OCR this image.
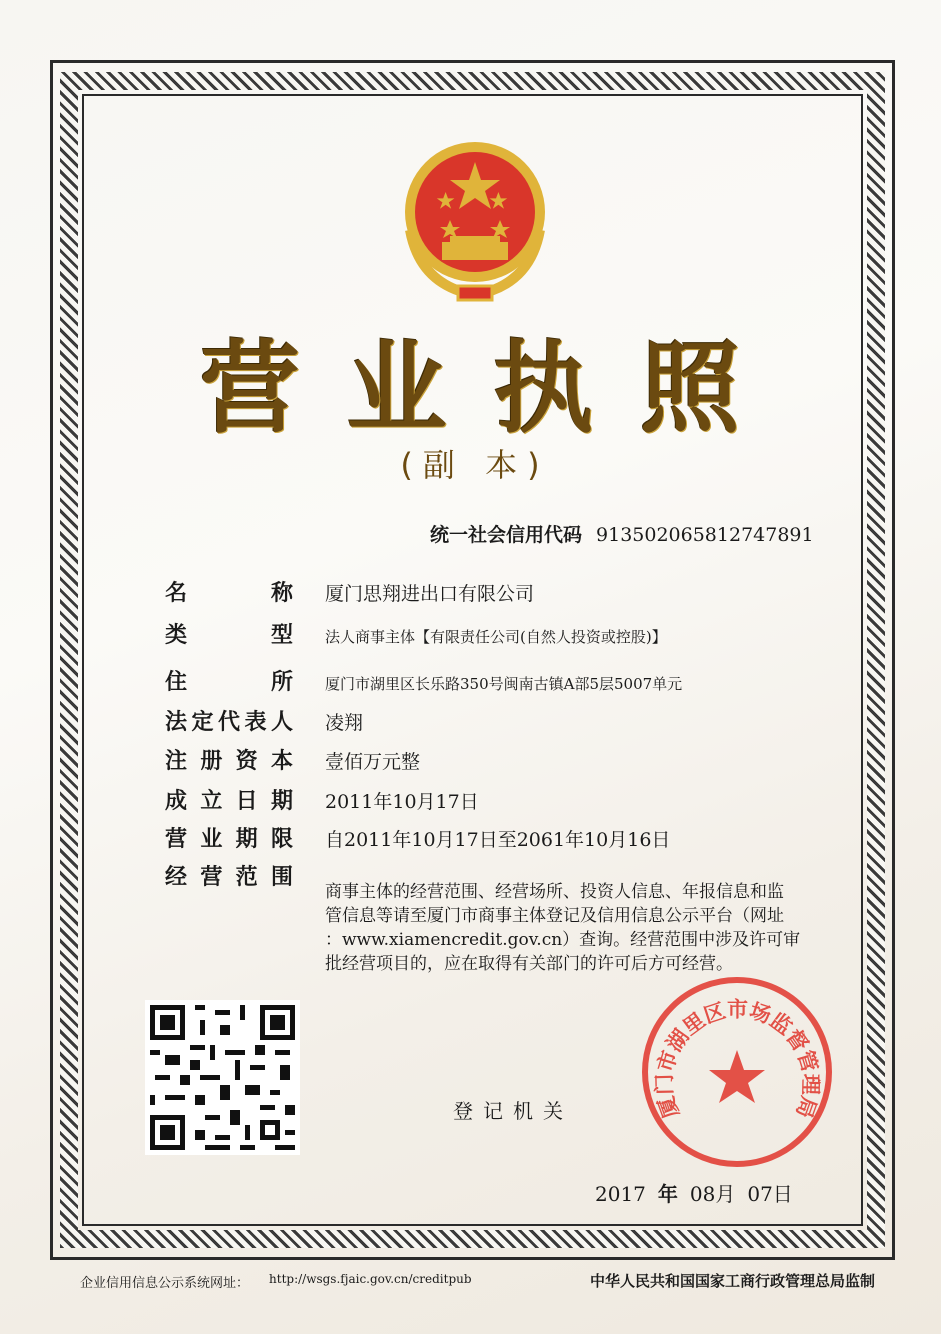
营 业 执 照
(副 本)
统一社会信用代码 913502065812747891
名	称 厦门思翔进出口有限公司
类	型 法人商事主体【有限责任公司(自然人投资或控股)】
住	所 厦门市湖里区长乐路350号闽南古镇A部5层5007单元
法 定 代 表 人 凌翔
注 册 资 本 壹佰万元整
成 立 日 期 2011年10月17日
营 业 期 限 自2011年10月17日至2061年10月16日
经 营 范 围
商事主体的经营范围、经营场所、投资人信息、年报信息和监
管信息等请至厦门市商事主体登记及信用信息公示平台（网址
：www.xiamencredit.gov.cn）查询。经营范围中涉及许可审
批经营项目的，应在取得有关部门的许可后方可经营。
登记机关	厦门市湖里区市场监督管理局
2017 年 08月 07日
企业信用信息公示系统网址： http://wsgs.fjaic.gov.cn/creditpub	中华人民共和国国家工商行政管理总局监制
